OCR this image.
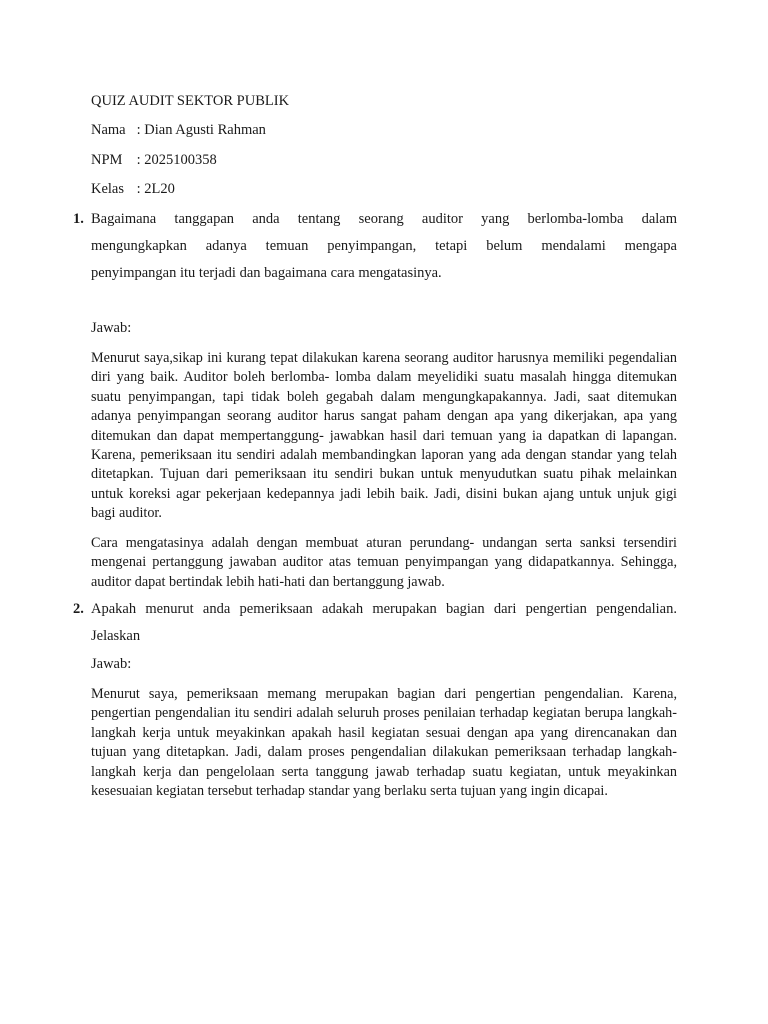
QUIZ AUDIT SEKTOR PUBLIK
Nama : Dian Agusti Rahman
NPM : 2025100358
Kelas : 2L20
1. Bagaimana tanggapan anda tentang seorang auditor yang berlomba-lomba dalam
mengungkapkan adanya temuan penyimpangan, tetapi belum mendalami mengapa
penyimpangan itu terjadi dan bagaimana cara mengatasinya.
Jawab:
Menurut saya,sikap ini kurang tepat dilakukan karena seorang auditor harusnya memiliki pegendalian diri yang baik. Auditor boleh berlomba- lomba dalam meyelidiki suatu masalah hingga ditemukan suatu penyimpangan, tapi tidak boleh gegabah dalam mengungkapakannya. Jadi, saat ditemukan adanya penyimpangan seorang auditor harus sangat paham dengan apa yang dikerjakan, apa yang ditemukan dan dapat mempertanggung- jawabkan hasil dari temuan yang ia dapatkan di lapangan. Karena, pemeriksaan itu sendiri adalah membandingkan laporan yang ada dengan standar yang telah ditetapkan. Tujuan dari pemeriksaan itu sendiri bukan untuk menyudutkan suatu pihak melainkan untuk koreksi agar pekerjaan kedepannya jadi lebih baik. Jadi, disini bukan ajang untuk unjuk gigi bagi auditor.
Cara mengatasinya adalah dengan membuat aturan perundang- undangan serta sanksi tersendiri mengenai pertanggung jawaban auditor atas temuan penyimpangan yang didapatkannya. Sehingga, auditor dapat bertindak lebih hati-hati dan bertanggung jawab.
2. Apakah menurut anda pemeriksaan adakah merupakan bagian dari pengertian pengendalian.
Jelaskan
Jawab:
Menurut saya, pemeriksaan memang merupakan bagian dari pengertian pengendalian. Karena, pengertian pengendalian itu sendiri adalah seluruh proses penilaian terhadap kegiatan berupa langkah-langkah kerja untuk meyakinkan apakah hasil kegiatan sesuai dengan apa yang direncanakan dan tujuan yang ditetapkan. Jadi, dalam proses pengendalian dilakukan pemeriksaan terhadap langkah- langkah kerja dan pengelolaan serta tanggung jawab terhadap suatu kegiatan, untuk meyakinkan kesesuaian kegiatan tersebut terhadap standar yang berlaku serta tujuan yang ingin dicapai.
